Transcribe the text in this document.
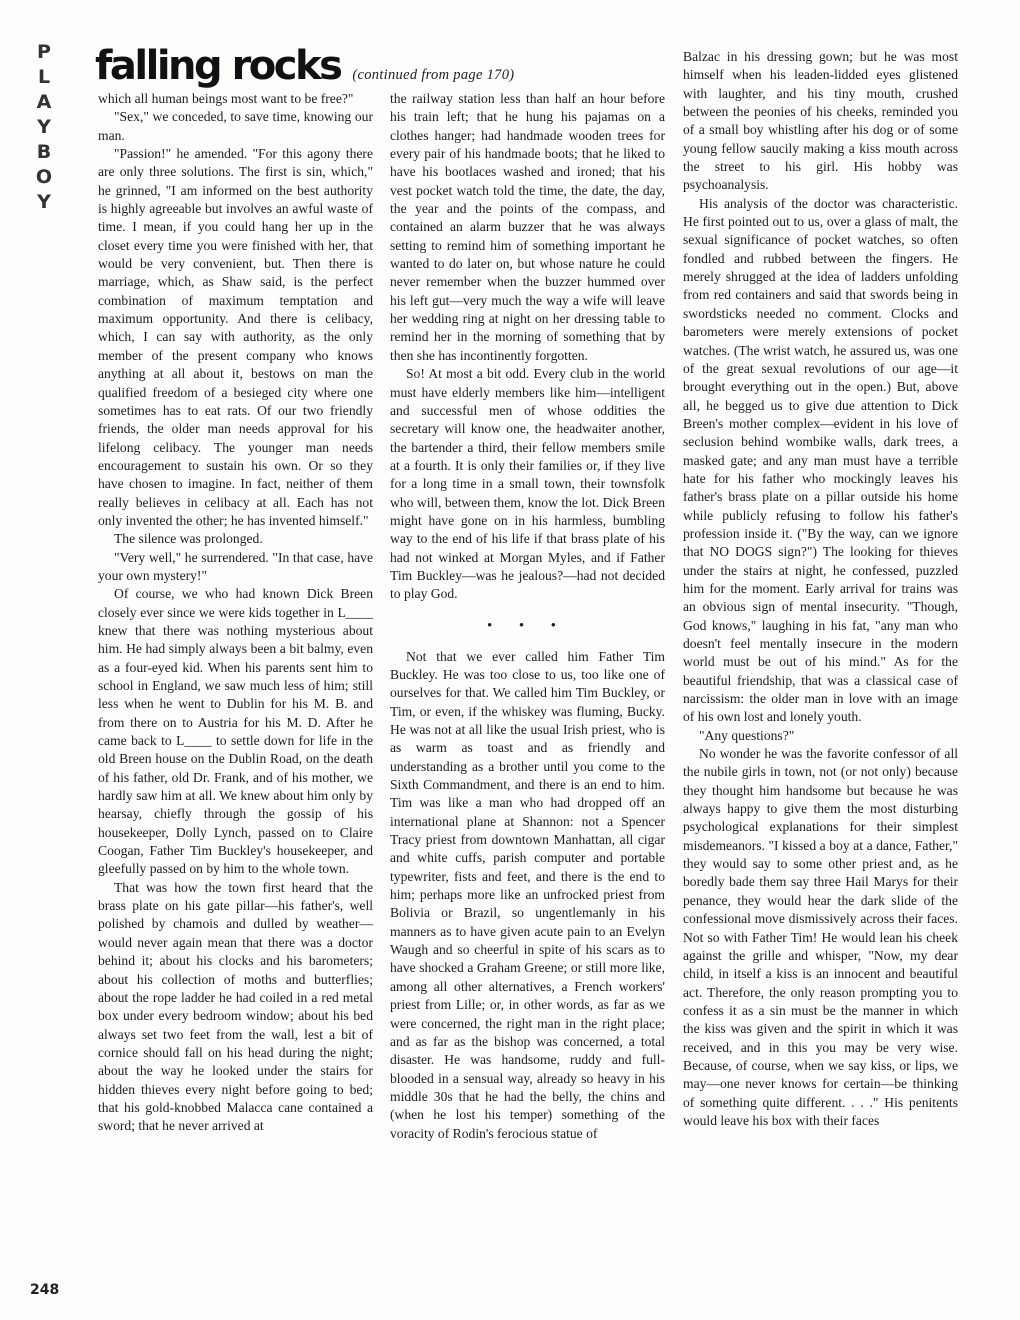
P
L
A
Y
B
O
Y
falling rocks (continued from page 170)

which all human beings most want to be free?"

"Sex," we conceded, to save time, knowing our man.

"Passion!" he amended. "For this agony there are only three solutions. The first is sin, which," he grinned, "I am informed on the best authority is highly agreeable but involves an awful waste of time. I mean, if you could hang her up in the closet every time you were finished with her, that would be very convenient, but. Then there is marriage, which, as Shaw said, is the perfect combination of maximum temptation and maximum opportunity. And there is celibacy, which, I can say with authority, as the only member of the present company who knows anything at all about it, bestows on man the qualified freedom of a besieged city where one sometimes has to eat rats. Of our two friendly friends, the older man needs approval for his lifelong celibacy. The younger man needs encouragement to sustain his own. Or so they have chosen to imagine. In fact, neither of them really believes in celibacy at all. Each has not only invented the other; he has invented himself."

The silence was prolonged.

"Very well," he surrendered. "In that case, have your own mystery!"

Of course, we who had known Dick Breen closely ever since we were kids together in L____ knew that there was nothing mysterious about him. He had simply always been a bit balmy, even as a four-eyed kid. When his parents sent him to school in England, we saw much less of him; still less when he went to Dublin for his M. B. and from there on to Austria for his M. D. After he came back to L____ to settle down for life in the old Breen house on the Dublin Road, on the death of his father, old Dr. Frank, and of his mother, we hardly saw him at all. We knew about him only by hearsay, chiefly through the gossip of his housekeeper, Dolly Lynch, passed on to Claire Coogan, Father Tim Buckley's housekeeper, and gleefully passed on by him to the whole town.

That was how the town first heard that the brass plate on his gate pillar—his father's, well polished by chamois and dulled by weather—would never again mean that there was a doctor behind it; about his clocks and his barometers; about his collection of moths and butterflies; about the rope ladder he had coiled in a red metal box under every bedroom window; about his bed always set two feet from the wall, lest a bit of cornice should fall on his head during the night; about the way he looked under the stairs for hidden thieves every night before going to bed; that his gold-knobbed Malacca cane contained a sword; that he never arrived at

the railway station less than half an hour before his train left; that he hung his pajamas on a clothes hanger; had handmade wooden trees for every pair of his handmade boots; that he liked to have his bootlaces washed and ironed; that his vest pocket watch told the time, the date, the day, the year and the points of the compass, and contained an alarm buzzer that he was always setting to remind him of something important he wanted to do later on, but whose nature he could never remember when the buzzer hummed over his left gut—very much the way a wife will leave her wedding ring at night on her dressing table to remind her in the morning of something that by then she has incontinently forgotten.

So! At most a bit odd. Every club in the world must have elderly members like him—intelligent and successful men of whose oddities the secretary will know one, the headwaiter another, the bartender a third, their fellow members smile at a fourth. It is only their families or, if they live for a long time in a small town, their townsfolk who will, between them, know the lot. Dick Breen might have gone on in his harmless, bumbling way to the end of his life if that brass plate of his had not winked at Morgan Myles, and if Father Tim Buckley—was he jealous?—had not decided to play God.

• • •

Not that we ever called him Father Tim Buckley. He was too close to us, too like one of ourselves for that. We called him Tim Buckley, or Tim, or even, if the whiskey was fluming, Bucky. He was not at all like the usual Irish priest, who is as warm as toast and as friendly and understanding as a brother until you come to the Sixth Commandment, and there is an end to him. Tim was like a man who had dropped off an international plane at Shannon: not a Spencer Tracy priest from downtown Manhattan, all cigar and white cuffs, parish computer and portable typewriter, fists and feet, and there is the end to him; perhaps more like an unfrocked priest from Bolivia or Brazil, so ungentlemanly in his manners as to have given acute pain to an Evelyn Waugh and so cheerful in spite of his scars as to have shocked a Graham Greene; or still more like, among all other alternatives, a French workers' priest from Lille; or, in other words, as far as we were concerned, the right man in the right place; and as far as the bishop was concerned, a total disaster. He was handsome, ruddy and full-blooded in a sensual way, already so heavy in his middle 30s that he had the belly, the chins and (when he lost his temper) something of the voracity of Rodin's ferocious statue of

Balzac in his dressing gown; but he was most himself when his leaden-lidded eyes glistened with laughter, and his tiny mouth, crushed between the peonies of his cheeks, reminded you of a small boy whistling after his dog or of some young fellow saucily making a kiss mouth across the street to his girl. His hobby was psychoanalysis.

His analysis of the doctor was characteristic. He first pointed out to us, over a glass of malt, the sexual significance of pocket watches, so often fondled and rubbed between the fingers. He merely shrugged at the idea of ladders unfolding from red containers and said that swords being in swordsticks needed no comment. Clocks and barometers were merely extensions of pocket watches. (The wrist watch, he assured us, was one of the great sexual revolutions of our age—it brought everything out in the open.) But, above all, he begged us to give due attention to Dick Breen's mother complex—evident in his love of seclusion behind wombike walls, dark trees, a masked gate; and any man must have a terrible hate for his father who mockingly leaves his father's brass plate on a pillar outside his home while publicly refusing to follow his father's profession inside it. ("By the way, can we ignore that NO DOGS sign?") The looking for thieves under the stairs at night, he confessed, puzzled him for the moment. Early arrival for trains was an obvious sign of mental insecurity. "Though, God knows," laughing in his fat, "any man who doesn't feel mentally insecure in the modern world must be out of his mind." As for the beautiful friendship, that was a classical case of narcissism: the older man in love with an image of his own lost and lonely youth.

"Any questions?"

No wonder he was the favorite confessor of all the nubile girls in town, not (or not only) because they thought him handsome but because he was always happy to give them the most disturbing psychological explanations for their simplest misdemeanors. "I kissed a boy at a dance, Father," they would say to some other priest and, as he boredly bade them say three Hail Marys for their penance, they would hear the dark slide of the confessional move dismissively across their faces. Not so with Father Tim! He would lean his cheek against the grille and whisper, "Now, my dear child, in itself a kiss is an innocent and beautiful act. Therefore, the only reason prompting you to confess it as a sin must be the manner in which the kiss was given and the spirit in which it was received, and in this you may be very wise. Because, of course, when we say kiss, or lips, we may—one never knows for certain—be thinking of something quite different. . . ." His penitents would leave his box with their faces

248
